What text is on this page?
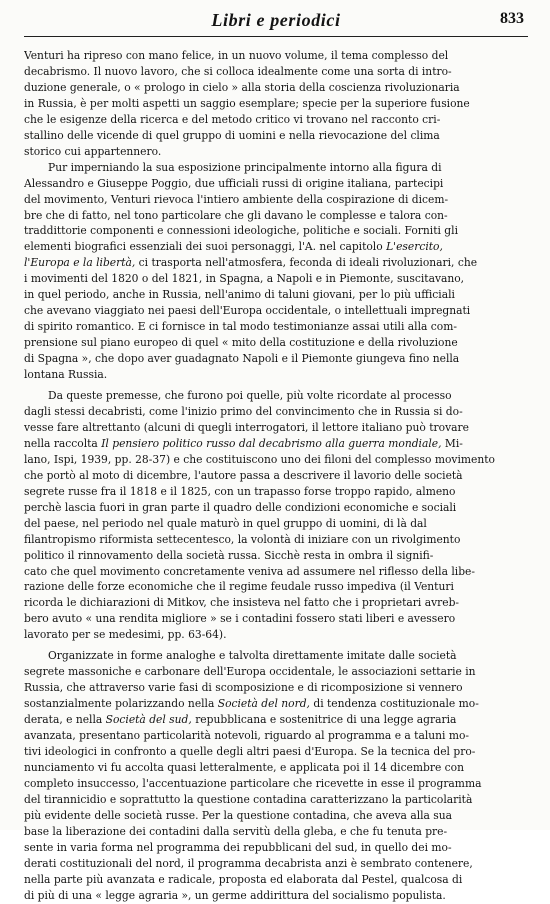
Libri e periodici	833
Venturi ha ripreso con mano felice, in un nuovo volume, il tema complesso del
decabrismo. Il nuovo lavoro, che si colloca idealmente come una sorta di intro-
duzione generale, o « prologo in cielo » alla storia della coscienza rivoluzionaria
in Russia, è per molti aspetti un saggio esemplare; specie per la superiore fusione
che le esigenze della ricerca e del metodo critico vi trovano nel racconto cri-
stallino delle vicende di quel gruppo di uomini e nella rievocazione del clima
storico cui appartennero.
Pur imperniando la sua esposizione principalmente intorno alla figura di
Alessandro e Giuseppe Poggio, due ufficiali russi di origine italiana, partecipi
del movimento, Venturi rievoca l'intiero ambiente della cospirazione di dicem-
bre che di fatto, nel tono particolare che gli davano le complesse e talora con-
traddittorie componenti e connessioni ideologiche, politiche e sociali. Forniti gli
elementi biografici essenziali dei suoi personaggi, l'A. nel capitolo L'esercito,
l'Europa e la libertà, ci trasporta nell'atmosfera, feconda di ideali rivoluzionari, che
i movimenti del 1820 o del 1821, in Spagna, a Napoli e in Piemonte, suscitavano,
in quel periodo, anche in Russia, nell'animo di taluni giovani, per lo più ufficiali
che avevano viaggiato nei paesi dell'Europa occidentale, o intellettuali impregnati
di spirito romantico. E ci fornisce in tal modo testimonianze assai utili alla com-
prensione sul piano europeo di quel « mito della costituzione e della rivoluzione
di Spagna », che dopo aver guadagnato Napoli e il Piemonte giungeva fino nella
lontana Russia.
Da queste premesse, che furono poi quelle, più volte ricordate al processo
dagli stessi decabristi, come l'inizio primo del convincimento che in Russia si do-
vesse fare altrettanto (alcuni di quegli interrogatori, il lettore italiano può trovare
nella raccolta Il pensiero politico russo dal decabrismo alla guerra mondiale, Mi-
lano, Ispi, 1939, pp. 28-37) e che costituiscono uno dei filoni del complesso movimento
che portò al moto di dicembre, l'autore passa a descrivere il lavorio delle società
segrete russe fra il 1818 e il 1825, con un trapasso forse troppo rapido, almeno
perchè lascia fuori in gran parte il quadro delle condizioni economiche e sociali
del paese, nel periodo nel quale maturò in quel gruppo di uomini, di là dal
filantropismo riformista settecentesco, la volontà di iniziare con un rivolgimento
politico il rinnovamento della società russa. Sicchè resta in ombra il signifi-
cato che quel movimento concretamente veniva ad assumere nel riflesso della libe-
razione delle forze economiche che il regime feudale russo impediva (il Venturi
ricorda le dichiarazioni di Mitkov, che insisteva nel fatto che i proprietari avreb-
bero avuto « una rendita migliore » se i contadini fossero stati liberi e avessero
lavorato per se medesimi, pp. 63-64).
Organizzate in forme analoghe e talvolta direttamente imitate dalle società
segrete massoniche e carbonare dell'Europa occidentale, le associazioni settarie in
Russia, che attraverso varie fasi di scomposizione e di ricomposizione si vennero
sostanzialmente polarizzando nella Società del nord, di tendenza costituzionale mo-
derata, e nella Società del sud, repubblicana e sostenitrice di una legge agraria
avanzata, presentano particolarità notevoli, riguardo al programma e a taluni mo-
tivi ideologici in confronto a quelle degli altri paesi d'Europa. Se la tecnica del pro-
nunciamento vi fu accolta quasi letteralmente, e applicata poi il 14 dicembre con
completo insuccesso, l'accentuazione particolare che ricevette in esse il programma
del tirannicidio e soprattutto la questione contadina caratterizzano la particolarità
più evidente delle società russe. Per la questione contadina, che aveva alla sua
base la liberazione dei contadini dalla servitù della gleba, e che fu tenuta pre-
sente in varia forma nel programma dei repubblicani del sud, in quello dei mo-
derati costituzionali del nord, il programma decabrista anzi è sembrato contenere,
nella parte più avanzata e radicale, proposta ed elaborata dal Pestel, qualcosa di
di più di una « legge agraria », un germe addirittura del socialismo populista.
